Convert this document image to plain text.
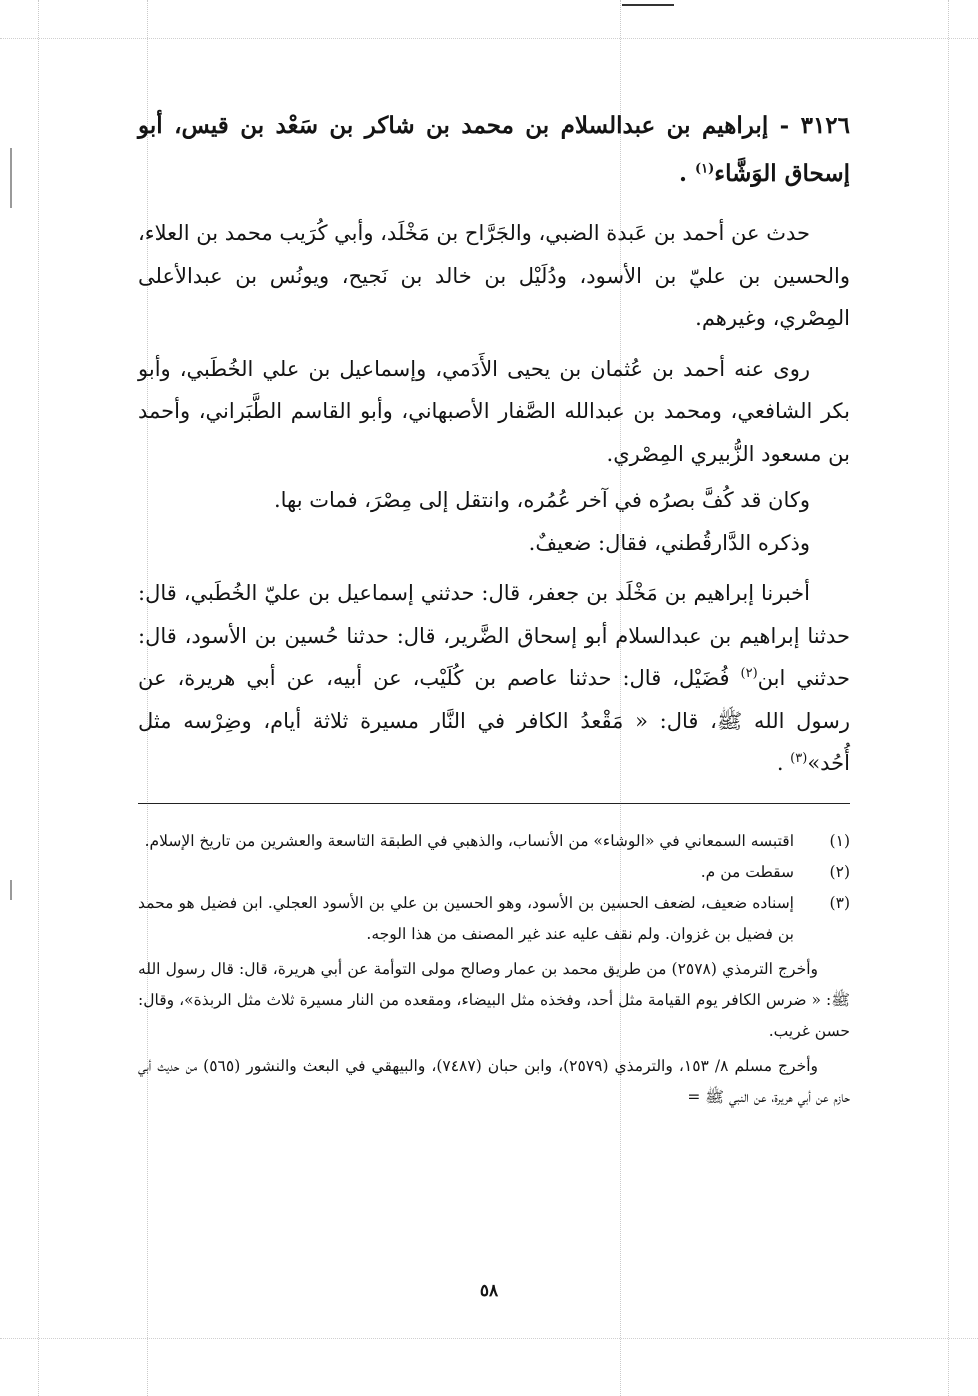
٣١٢٦ - إبراهيم بن عبدالسلام بن محمد بن شاكر بن سَعْد بن قيس، أبو إسحاق الوَشَّاء$^{(١)}$ .

حدث عن أحمد بن عَبدة الضبي، والجَرَّاح بن مَخْلَد، وأبي كُرَيب محمد بن العلاء، والحسين بن عليّ بن الأسود، ودُلَيْل بن خالد بن نَجيح، ويونُس بن عبدالأعلى المِصْري، وغيرهم.

روى عنه أحمد بن عُثمان بن يحيى الأَدَمي، وإسماعيل بن علي الخُطَبي، وأبو بكر الشافعي، ومحمد بن عبدالله الصَّفار الأصبهاني، وأبو القاسم الطَّبَراني، وأحمد بن مسعود الزُّبيري المِصْري.

وكان قد كُفَّ بصرُه في آخر عُمُره، وانتقل إلى مِصْرَ، فمات بها.

وذكره الدَّارقُطني، فقال: ضعيفٌ.

أخبرنا إبراهيم بن مَخْلَد بن جعفر، قال: حدثني إسماعيل بن عليّ الخُطَبي، قال: حدثنا إبراهيم بن عبدالسلام أبو إسحاق الضَّرير، قال: حدثنا حُسين بن الأسود، قال: حدثني ابن$^{(٢)}$ فُضَيْل، قال: حدثنا عاصم بن كُلَيْب، عن أبيه، عن أبي هريرة، عن رسول الله ﷺ، قال: « مَقْعدُ الكافر في النَّار مسيرة ثلاثة أيام، وضِرْسه مثل أُحُد»$^{(٣)}$ .

(١)
اقتبسه السمعاني في «الوشاء» من الأنساب، والذهبي في الطبقة التاسعة والعشرين من تاريخ الإسلام.
(٢)
سقطت من م.
(٣)
إسناده ضعيف، لضعف الحسين بن الأسود، وهو الحسين بن علي بن الأسود العجلي. ابن فضيل هو محمد بن فضيل بن غزوان. ولم نقف عليه عند غير المصنف من هذا الوجه.
وأخرج الترمذي (٢٥٧٨) من طريق محمد بن عمار وصالح مولى التوأمة عن أبي هريرة، قال: قال رسول الله ﷺ: « ضرس الكافر يوم القيامة مثل أحد، وفخذه مثل البيضاء، ومقعده من النار مسيرة ثلاث مثل الربذة»، وقال: حسن غريب.
وأخرج مسلم ٨/ ١٥٣، والترمذي (٢٥٧٩)، وابن حبان (٧٤٨٧)، والبيهقي في البعث والنشور (٥٦٥) من حديث أبي حازم عن أبي هريرة، عن النبي ﷺ =
٥٨
